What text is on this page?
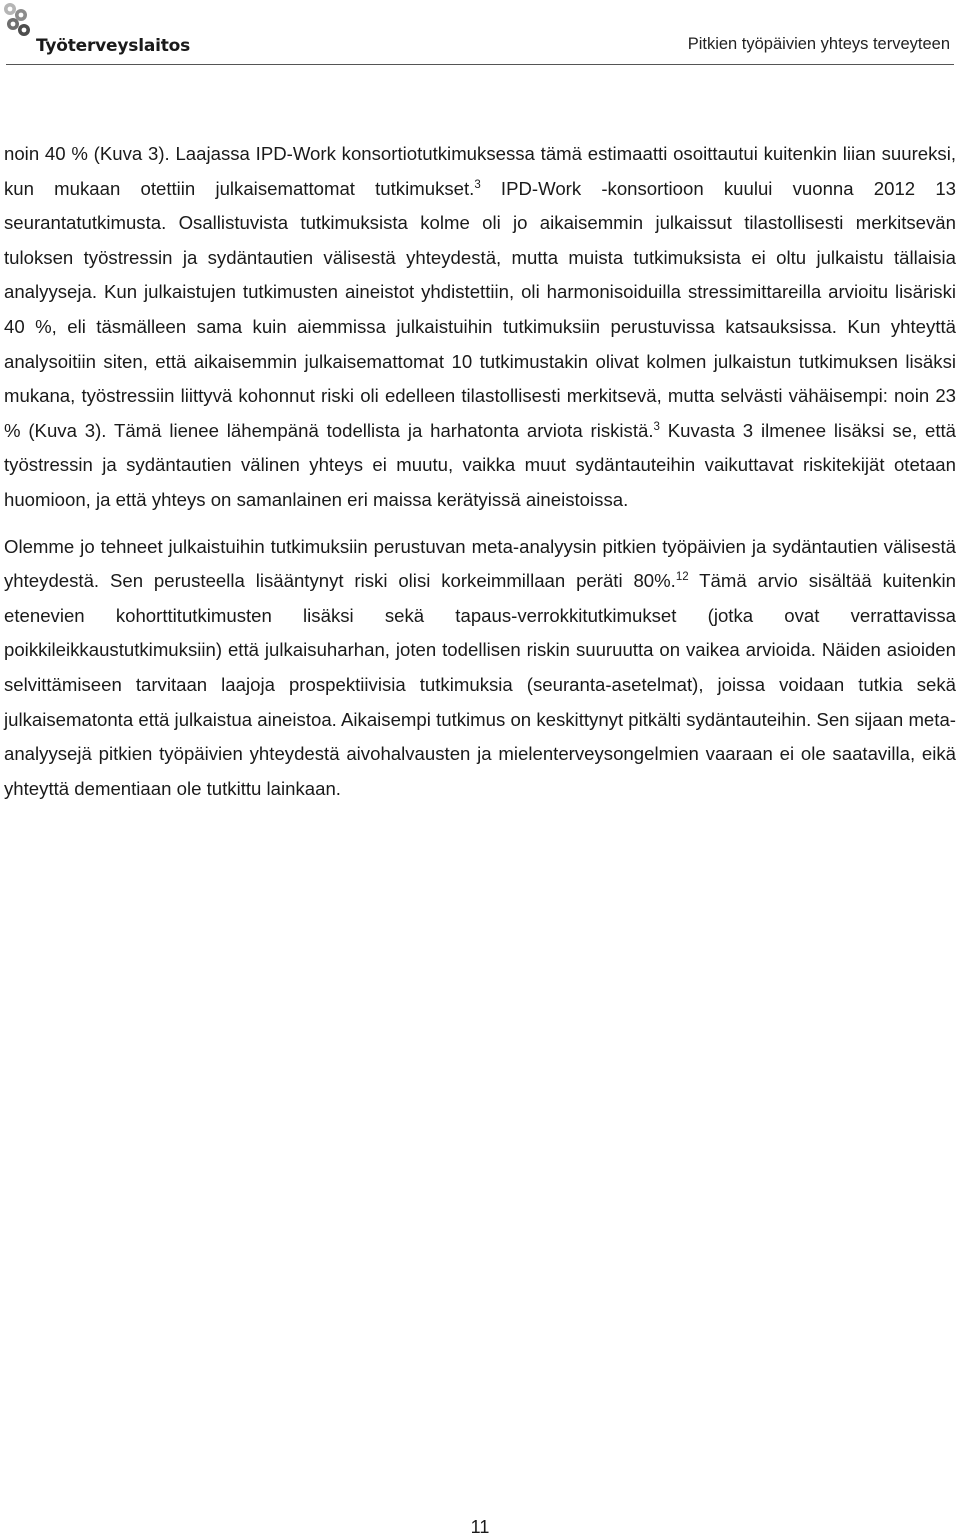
Työterveyslaitos	Pitkien työpäivien yhteys terveyteen

noin 40 % (Kuva 3). Laajassa IPD-Work konsortiotutkimuksessa tämä estimaatti osoittautui kuitenkin liian suureksi, kun mukaan otettiin julkaisemattomat tutkimukset.$^3$ IPD-Work -konsortioon kuului vuonna 2012 13 seurantatutkimusta. Osallistuvista tutkimuksista kolme oli jo aikaisemmin julkaissut tilastollisesti merkitsevän tuloksen työstressin ja sydäntautien välisestä yhteydestä, mutta muista tutkimuksista ei oltu julkaistu tällaisia analyyseja. Kun julkaistujen tutkimusten aineistot yhdistettiin, oli harmonisoiduilla stressimittareilla arvioitu lisäriski 40 %, eli täsmälleen sama kuin aiemmissa julkaistuihin tutkimuksiin perustuvissa katsauksissa. Kun yhteyttä analysoitiin siten, että aikaisemmin julkaisemattomat 10 tutkimustakin olivat kolmen julkaistun tutkimuksen lisäksi mukana, työstressiin liittyvä kohonnut riski oli edelleen tilastollisesti merkitsevä, mutta selvästi vähäisempi: noin 23 % (Kuva 3). Tämä lienee lähempänä todellista ja harhatonta arviota riskistä.$^3$ Kuvasta 3 ilmenee lisäksi se, että työstressin ja sydäntautien välinen yhteys ei muutu, vaikka muut sydäntauteihin vaikuttavat riskitekijät otetaan huomioon, ja että yhteys on samanlainen eri maissa kerätyissä aineistoissa.

Olemme jo tehneet julkaistuihin tutkimuksiin perustuvan meta-analyysin pitkien työpäivien ja sydäntautien välisestä yhteydestä. Sen perusteella lisääntynyt riski olisi korkeimmillaan peräti 80%.$^{12}$ Tämä arvio sisältää kuitenkin etenevien kohorttitutkimusten lisäksi sekä tapaus-verrokkitutkimukset (jotka ovat verrattavissa poikkileikkaustutkimuksiin) että julkaisuharhan, joten todellisen riskin suuruutta on vaikea arvioida. Näiden asioiden selvittämiseen tarvitaan laajoja prospektiivisia tutkimuksia (seuranta-asetelmat), joissa voidaan tutkia sekä julkaisematonta että julkaistua aineistoa. Aikaisempi tutkimus on keskittynyt pitkälti sydäntauteihin. Sen sijaan metaanalyysejä pitkien työpäivien yhteydestä aivohalvausten ja mielenterveysongelmien vaaraan ei ole saatavilla, eikä yhteyttä dementiaan ole tutkittu lainkaan.

11
